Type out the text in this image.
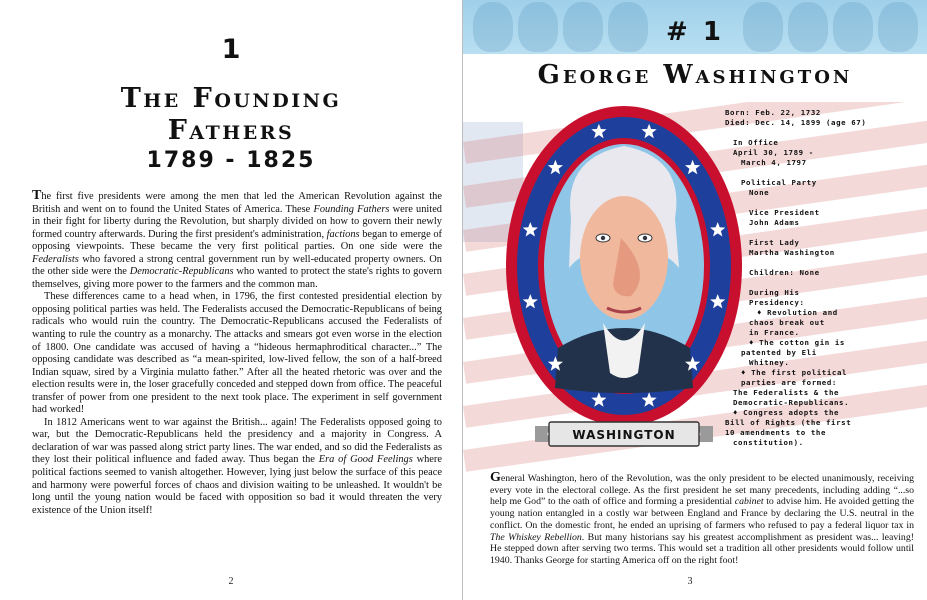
1
The Founding
Fathers
1789 - 1825

The first five presidents were among the men that led the American Revolution against the British and went on to found the United States of America. These Founding Fathers were united in their fight for liberty during the Revolution, but sharply divided on how to govern their newly formed country afterwards. During the first president's administration, factions began to emerge of opposing viewpoints. These became the very first political parties. On one side were the Federalists who favored a strong central government run by well-educated property owners. On the other side were the Democratic-Republicans who wanted to protect the state's rights to govern themselves, giving more power to the farmers and the common man.

These differences came to a head when, in 1796, the first contested presidential election by opposing political parties was held. The Federalists accused the Democratic-Republicans of being radicals who would ruin the country. The Democratic-Republicans accused the Federalists of wanting to rule the country as a monarchy. The attacks and smears got even worse in the election of 1800. One candidate was accused of having a “hideous hermaphroditical character...” The opposing candidate was described as “a mean-spirited, low-lived fellow, the son of a half-breed Indian squaw, sired by a Virginia mulatto father.” After all the heated rhetoric was over and the election results were in, the loser gracefully conceded and stepped down from office. The peaceful transfer of power from one president to the next took place. The experiment in self government had worked!

In 1812 Americans went to war against the British... again! The Federalists opposed going to war, but the Democratic-Republicans held the presidency and a majority in Congress. A declaration of war was passed along strict party lines. The war ended, and so did the Federalists as they lost their political influence and faded away. Thus began the Era of Good Feelings where political factions seemed to vanish altogether. However, lying just below the surface of this peace and harmony were powerful forces of chaos and division waiting to be unleashed. It wouldn't be long until the young nation would be faced with opposition so bad it would threaten the very existence of the Union itself!

2
# 1
George Washington
WASHINGTON
Born: Feb. 22, 1732
Died: Dec. 14, 1899 (age 67)

In Office
April 30, 1789 -
March 4, 1797

Political Party
None

Vice President
John Adams

First Lady
Martha Washington

Children: None

During His
Presidency:
♦ Revolution and
chaos break out
in France.
♦ The cotton gin is
patented by Eli
Whitney.
♦ The first political
parties are formed:
The Federalists & the
Democratic-Republicans.
♦ Congress adopts the
Bill of Rights (the first
10 amendments to the
constitution).

General Washington, hero of the Revolution, was the only president to be elected unanimously, receiving every vote in the electoral college. As the first president he set many precedents, including adding “...so help me God” to the oath of office and forming a presidential cabinet to advise him. He avoided getting the young nation entangled in a costly war between England and France by declaring the U.S. neutral in the conflict. On the domestic front, he ended an uprising of farmers who refused to pay a federal liquor tax in The Whiskey Rebellion. But many historians say his greatest accomplishment as president was... leaving! He stepped down after serving two terms. This would set a tradition all other presidents would follow until 1940. Thanks George for starting America off on the right foot!

3
